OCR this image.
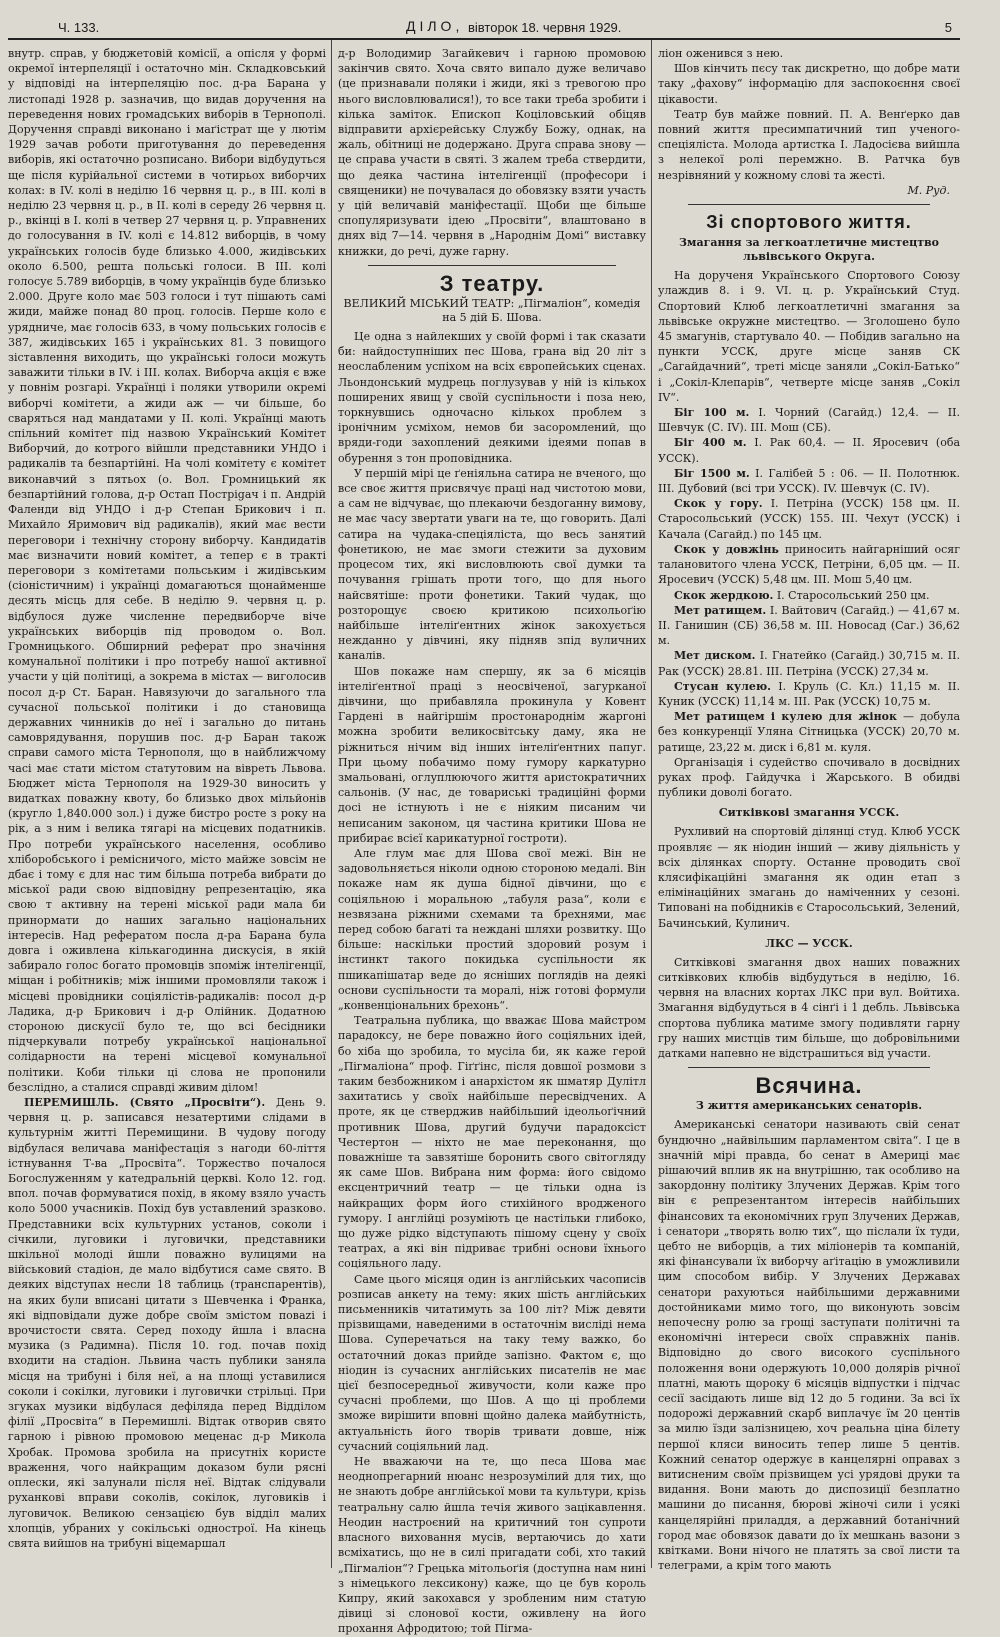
Ч. 133.	ДІЛО, вівторок 18. червня 1929.	5

внутр. справ, у бюджетовій комісії, а опісля у формі окремої інтерпеляції і остаточно мін. Складковський у відповіді на інтерпеляцію пос. д-ра Барана у листопаді 1928 р. зазначив, що видав доручення на переведення нових громадських виборів в Тернополі. Доручення справді виконано і маґістрат ще у лютім 1929 зачав роботи приготування до переведення виборів, які остаточно розписано. Вибори відбудуться ще після курійальної системи в чотирьох виборчих колах: в IV. колі в неділю 16 червня ц. р., в III. колі в неділю 23 червня ц. р., в II. колі в середу 26 червня ц. р., вкінці в I. колі в четвер 27 червня ц. р. Управнених до голосування в IV. колі є 14.812 виборців, в чому українських голосів буде близько 4.000, жидівських около 6.500, решта польські голоси. В III. колі голосує 5.789 виборців, в чому українців буде близько 2.000. Друге коло має 503 голоси і тут пішають самі жиди, майже понад 80 проц. голосів. Перше коло є урядниче, має голосів 633, в чому польських голосів є 387, жидівських 165 і українських 81. З повищого зіставлення виходить, що українські голоси можуть заважити тільки в IV. і III. колах. Виборча акція є вже у повнім розгарі. Українці і поляки утворили окремі виборчі комітети, а жиди аж — чи більше, бо сваряться над мандатами у II. колі. Українці мають спільний комітет під назвою Український Комітет Виборчий, до котрого війшли представники УНДО і радикалів та безпартійні. На чолі комітету є комітет виконавчий з пятьох (о. Вол. Громницький як безпартійний голова, д-р Остап Пострigач і п. Андрій Фаленди від УНДО і д-р Степан Брикович і п. Михайло Яримович від радикалів), який має вести переговори і технічну сторону виборчу. Кандидатів має визначити новий комітет, а тепер є в тракті переговори з комітетами польським і жидівським (сіоністичним) і українці домагаються щонайменше десять місць для себе. В неділю 9. червня ц. р. відбулося дуже численне передвиборче віче українських виборців під проводом о. Вол. Громницького. Обширний реферат про значіння комунальної політики і про потребу нашої активної участи у цій політиці, а зокрема в містах — виголосив посол д-р Ст. Баран. Навязуючи до загального тла сучасної польської політики і до становища державних чинників до неї і загально до питань самоврядування, порушив пос. д-р Баран також справи самого міста Тернополя, що в найближчому часі має стати містом статутовим на вівреть Львова. Бюджет міста Тернополя на 1929-30 виносить у видатках поважну квоту, бо близько двох мільйонів (круглo 1,840.000 зол.) і дуже бистро росте з року на рік, а з ним і велика тягарі на місцевих податників. Про потреби українського населення, особливо хліборобського і ремісничого, місто майже зовсім не дбає і тому є для нас тим більша потреба вибрати до міської ради свою відповідну репрезентацію, яка свою т активну на терені міської ради мала би принормати до наших загально національних інтересів. Над рефератом посла д-ра Барана була довга і оживлена кількагодинна дискусія, в якій забирало голос богато промовців зпоміж інтелігенції, міщан і робітників; між іншими промовляли також і місцеві провідники соціялістів-радикалів: посол д-р Ладика, д-р Брикович і д-р Олійник. Додатною стороною дискусії було те, що всі бесідники підчеркували потребу української національної солідарности на терені місцевої комунальної політики. Коби тільки ці слова не пропонили безслідно, а сталися справді живим ділом!

ПЕРЕМИШЛЬ. (Свято „Просвіти“). День 9. червня ц. р. записався незатертими слідами в культурнім житті Перемищини. В чудову погоду відбулася величава маніфестація з нагоди 60-ліття істнування Т-ва „Просвіта“. Торжество почалося Богослуженням у катедральній церкві. Коло 12. год. впол. почав формуватися похід, в якому взяло участь коло 5000 учасників. Похід був уставлений зразково. Представники всіх культурних установ, соколи і січкили, луговики і луговички, представники шкільної молоді йшли поважно вулицями на військовий стадіон, де мало відбутися саме свято. В деяких відступах несли 18 таблиць (транспарентів), на яких були вписані цитати з Шевченка і Франка, які відповідали дуже добре своїм змістом поваzі і врочистости свята. Серед походу йшла і власна музика (з Радимна). Після 10. год. почав похід входити на стадіон. Львина часть публики заняла місця на трибуні і біля неї, а на площі уставилися соколи і сокілки, луговики і луговички стрільці. При згуках музики відбулася дефіляда перед Відділом філії „Просвіта“ в Перемишлі. Відтак отворив свято гарною і рівною промовою меценас д-р Микола Хробак. Промова зробила на присутніх користе враження, чого найкращим доказом були рясні оплески, які залунали після неї. Відтак слідували руханкові вправи соколів, сокілок, луговиків і луговичок. Великою сензацією був відділ малих хлопців, убраних у сокільські однострої. На кінець свята вийшов на трибуні віцемаршал

д-р Володимир Загайкевич і гарною промовою закінчив свято. Хоча свято випало дуже величаво (це признавали поляки і жиди, які з тревогою про нього висловлювалися!), то все таки треба зробити і кілька заміток. Епископ Коцiловський обіцяв відправити архієрейську Службу Божу, однак, на жаль, обітниці не додержано. Друга справа знову — це справа участи в святі. З жалем треба ствердити, що деяка частина інтелігенції (професори і священики) не почувалася до обовязку взяти участь у цій величавій маніфестації. Щоби ще більше спопуляризувати ідею „Просвіти“, влаштовано в днях від 7—14. червня в „Народнім Домі“ виставку книжки, до речі, дуже гарну.

З театру.
ВЕЛИКИЙ МІСЬКИЙ ТЕАТР: „Пігмаліон“, комедія на 5 дій Б. Шова.

Це одна з найлекших у своїй формі і так сказати би: найдоступніших пес Шова, грана від 20 літ з неослабленим успіхом на всіх європейських сценах. Льондонський мудрець поглузував у ній із кількох поширених явищ у своїй суспільности і поза нею, торкнувшись одночасно кількох проблем з іронічним усміхом, немов би засоромлений, що вряди-годи захоплений деякими ідеями попав в обурення з тон проповідника.

У першій мірі це ґеніяльна сатира не вченого, що все своє життя присвячує праці над чистотою мови, а сам не відчуває, що плекаючи бездоганну вимову, не має часу звертати уваги на те, що говорить. Далі сатира на чудака-спеціяліста, що весь занятий фонетикою, не має змоги стежити за духовим процесом тих, які висловлюють свої думки та почування грішать проти того, що для нього найсвятіше: проти фонетики. Такий чудак, що розторощує своєю критикою психольоґію найбільше інтелiґентних жінок закохується нежданно у дівчині, яку підняв зпід вуличних каналів.

Шов покаже нам спершу, як за 6 місяців інтелiґентної праці з неосвіченої, загурканої дівчини, що прибавляла прокинула у Ковент Гардені в найгіршім простонароднім жаргоні можна зробити великосвітську даму, яка не ріжниться нічим від інших інтелiґентних папуг. При цьому побачимо пому гумору каркатурно змальовані, оглуплюючого життя аристократичних сальонів. (У нас, де товариські традиційні форми досі не істнують і не є ніяким писаним чи неписаним законом, ця частина критики Шова не прибирає всієї карикатурної гостроти).

Але глум має для Шова свої межі. Він не задовольняється ніколи одною стороною медалі. Він покаже нам як душа бідної дівчини, що є соціяльною і моральною „табуля раза“, коли є незвязана ріжними схемами та брехнями, має перед собою багаті та неждані шляхи розвитку. Що більше: наскільки простий здоровий розум і інстинкт такого покидька суспільности як пшикапішатар веде до ясніших поглядів на деякі основи суспільности та моралі, ніж готові формули „конвенціональних брехонь“.

Театральна публика, що вважає Шова майстром парадоксу, не бере поважно його соціяльних ідей, бо хіба що зробила, то мусіла би, як каже герой „Пігмаліона“ проф. Гіґґінс, після довшої розмови з таким безбожником і анархістом як шматяр Дулітл захитатись у своїх найбільше пересвідчених. А проте, як це стверджив найбільший ідеольоґічний противник Шова, другий будучи парадоксіст Честертон — ніхто не мае переконання, що поважніше та завзятіше боронить свого світогляду як саме Шов. Вибрана ним форма: його свідомо ексцентричний театр — це тільки одна із найкращих форм його стихійного вродженого гумору. I англійці розуміють це настільки глибоко, що дуже рідко відступають пішому сцену у своїх театрах, а які він підриває трибні основи їхнього соціяльного ладу.

Саме цього місяця один із англійських часописів розписав анкету на тему: яких шість англійських письменників читатимуть за 100 літ? Між девяти прізвищами, наведеними в остаточнім висліді нема Шова. Суперечаться на таку тему важко, бо остаточний доказ прийде запізно. Фактом є, що ніодин із сучасних англійських писателів не має цієї безпосередньої живучости, коли каже про сучасні проблеми, що Шов. А що ці проблеми зможе вирішити вповні щойно далека майбутність, актуальність його творів тривати довше, ніж сучасний соціяльний лад.

Не вважаючи на те, що песа Шова має неоднопрегарний нюанс незрозумілий для тих, що не знають добре англійської мови та культури, крізь театральну салю йшла течія живого зацікавлення. Неодин настроєний на критичний тон супроти власного виховання мусів, вертаючись до хати всміхатись, що не в силі пригадати собі, хто такий „Пігмаліон“? Грецька мітольоґія (доступна нам нині з німецького лексикону) каже, що це був король Кипру, який закохався у зробленим ним статую дівиці зі слонової кости, оживлену на його прохання Афродитою; той Пігма-

ліон оженився з нею.

Шов кінчить пєсу так дискретно, що добре мати таку „фахову“ інформацію для заспокоєння своєї цікавости.

Театр був майже повний. П. А. Венґерко дав повний життя пресимпатичний тип ученого-спеціяліста. Молода артистка І. Ладосієва вийшла з нелекої ролі перемжно. В. Ратчка був незрівняний у кожному слові та жесті.

М. Руд.
Зі спортового життя.
Змагання за легкоатлетичне мистецтво львівського Округа.

На дорученя Українського Спортового Союзу улаждив 8. і 9. VI. ц. р. Український Студ. Спортовий Клюб легкоатлетичні змагання за львівське окружне мистецтво. — Зголошено було 45 змагунів, стартувало 40. — Побідив загально на пункти УССК, друге місце заняв СК „Сагайдачний“, треті місце заняли „Сокіл-Батько“ і „Сокіл-Клепарів“, четверте місце заняв „Сокіл IV“.

Біг 100 м. І. Чорний (Сагайд.) 12,4. — II. Шевчук (С. IV). III. Мош (СБ).

Біг 400 м. І. Рак 60,4. — II. Яросевич (оба УССК).

Біг 1500 м. І. Галібей 5 : 06. — II. Полотнюк. III. Дубовий (всі три УССК). IV. Шевчук (С. IV).

Скок у гору. І. Петріна (УССК) 158 цм. II. Старосольський (УССК) 155. III. Чехут (УССК) і Качала (Сагайд.) по 145 цм.

Скок у довжінь приносить найгарніший осяг талановитого члена УССК, Петріни, 6,05 цм. — II. Яросевич (УССК) 5,48 цм. III. Мош 5,40 цм.

Скок жердкою. І. Старосольський 250 цм.

Мет ратищем. І. Вайтович (Сагайд.) — 41,67 м. II. Ганишин (СБ) 36,58 м. III. Новосад (Саг.) 36,62 м.

Мет диском. І. Гнатейко (Сагайд.) 30,715 м. II. Рак (УССК) 28.81. III. Петріна (УССК) 27,34 м.

Стусан кулею. І. Круль (С. Кл.) 11,15 м. II. Куник (УССК) 11,14 м. III. Рак (УССК) 10,75 м.

Мет ратищем і кулею для жінок — добула без конкуренції Уляна Сітницька (УССК) 20,70 м. ратище, 23,22 м. диск і 6,81 м. куля.

Організація і судейство спочивало в досвідних руках проф. Гайдучка і Жарського. В обидві публики доволі богато.

Ситківкові змагання УССК.

Рухливий на спортовій ділянці студ. Клюб УССК проявляє — як ніодин інший — живу діяльність у всіх ділянках спорту. Останне проводить свої клясифікаційні змагання як один етап з елімінаційних змагань до наміченних у сезоні. Типовані на побідників є Старосольський, Зелений, Бачинський, Кулинич.

ЛКС — УССК.

Ситківкові змагання двох наших поважних ситківкових клюбів відбудуться в неділю, 16. червня на власних кортах ЛКС при вул. Войтиха. Змагання відбудуться в 4 сінґі і 1 дебль. Львівська спортова публика матиме змогу подивляти гарну гру наших мистців тим більше, що добровільними датками напевно не відстрашиться від участи.

Всячина.
З життя американських сенаторів.

Американські сенатори називають свій сенат бундючно „найвільшим парламентом світа“. І це в значній мірі правда, бо сенат в Америці має рішаючий вплив як на внутрішню, так особливо на закордонну політику Злучених Держав. Крім того він є репрезентантом інтересів найбільших фінансових та економічних груп Злучених Держав, і сенатори „творять волю тих“, що післали їх туди, цебто не виборців, а тих міліонерів та компаній, які фінансували їх виборчу аґітацію в уможливили цим способом вибір. У Злучених Державах сенатори рахуються найбільшими державними достойниками мимо того, що виконують зовсім непочесну ролю за грощі заступати політичні та економічні інтереси своїх справжніх панів. Відповідно до свого високого суспільного положення вони одержують 10,000 долярів річної платні, мають щороку 6 місяців відпустки і підчас сесії засідають лише від 12 до 5 години. За всі їх подорожі державний скарб виплачує їм 20 центів за милю їзди залізницею, хоч реальна ціна білету першої кляси виносить тепер лише 5 центів. Кожний сенатор одержує в канцелярні оправах з витисненим своїм прізвищем усі урядові друки та видання. Вони мають до диспозиції безплатно машини до писання, бюрові жіночі сили і усякі канцелярійні приладдя, а державний ботанічний город має обовязок давати до їх мешкань вазони з квітками. Вони нічого не платять за свої листи та телеграми, а крім того мають
